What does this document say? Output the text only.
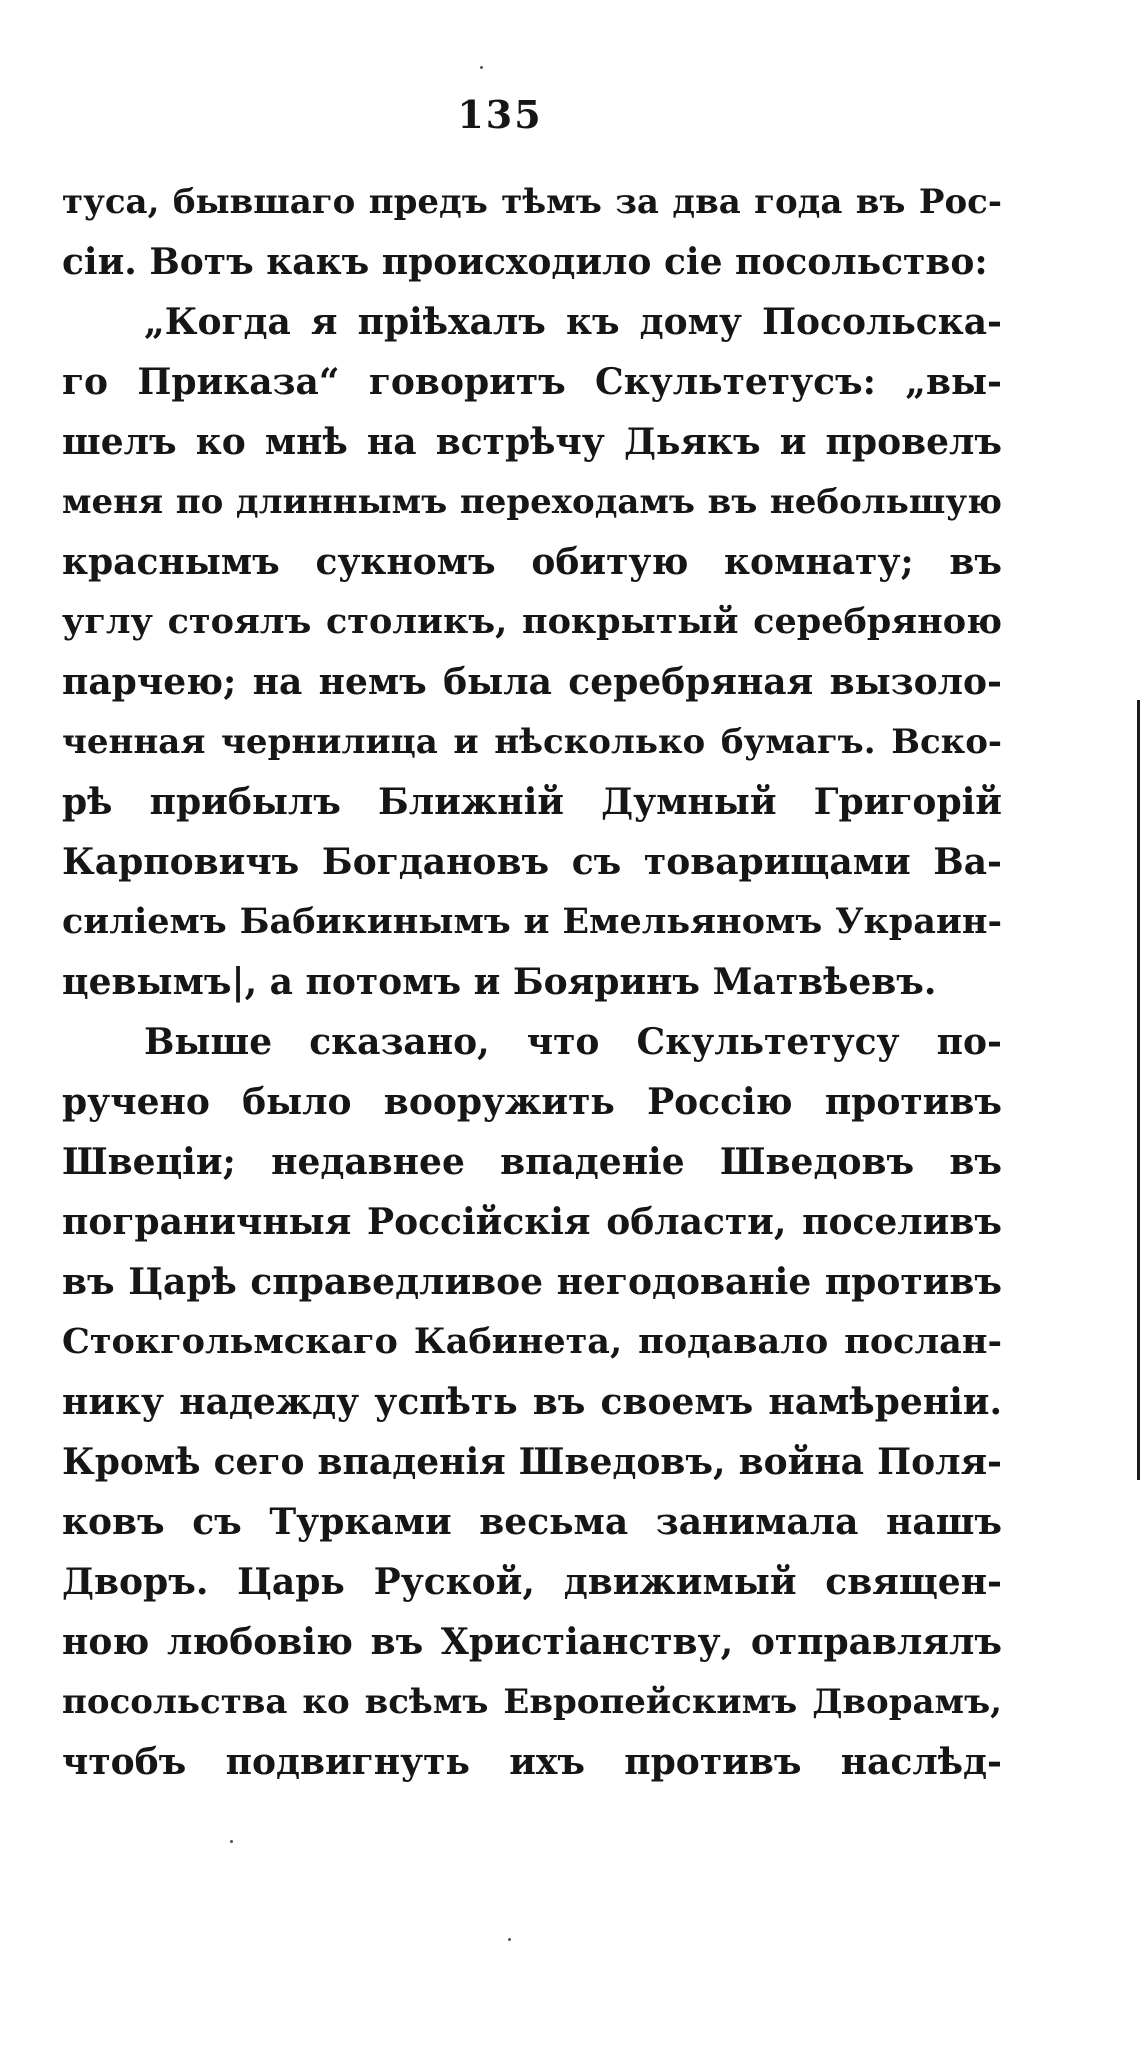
135
тусa, бывшаго предъ тѣмъ за два года въ Рос-
сіи. Вотъ какъ происходило сіе посольство:
„Когда я пріѣхалъ къ дому Посольска-
го Приказа“ говоритъ Скультетусъ: „вы-
шелъ ко мнѣ на встрѣчу Дьякъ и провелъ
меня по длиннымъ переходамъ въ небольшую
краснымъ сукномъ обитую комнату; въ
углу стоялъ столикъ, покрытый серебряною
парчею; на немъ была серебряная вызоло-
ченная чернилица и нѣсколько бумагъ. Вско-
рѣ прибылъ Ближній Думный Григорій
Карповичъ Богдановъ съ товарищами Ва-
силіемъ Бабикинымъ и Емельяномъ Украин-
цевымъ|, а потомъ и Бояринъ Матвѣевъ.
Выше сказано, что Скультетусу по-
ручено было вооружить Россію противъ
Швеціи; недавнее впаденіе Шведовъ въ
пограничныя Россійскія области, поселивъ
въ Царѣ справедливое негодованіе противъ
Стокгольмскаго Кабинета, подавало послан-
нику надежду успѣть въ своемъ намѣреніи.
Кромѣ сего впаденія Шведовъ, война Поля-
ковъ съ Турками весьма занимала нашъ
Дворъ. Царь Руской, движимый священ-
ною любовію въ Христіанству, отправлялъ
посольства ко всѣмъ Европейскимъ Дворамъ,
чтобъ подвигнуть ихъ противъ наслѣд-
